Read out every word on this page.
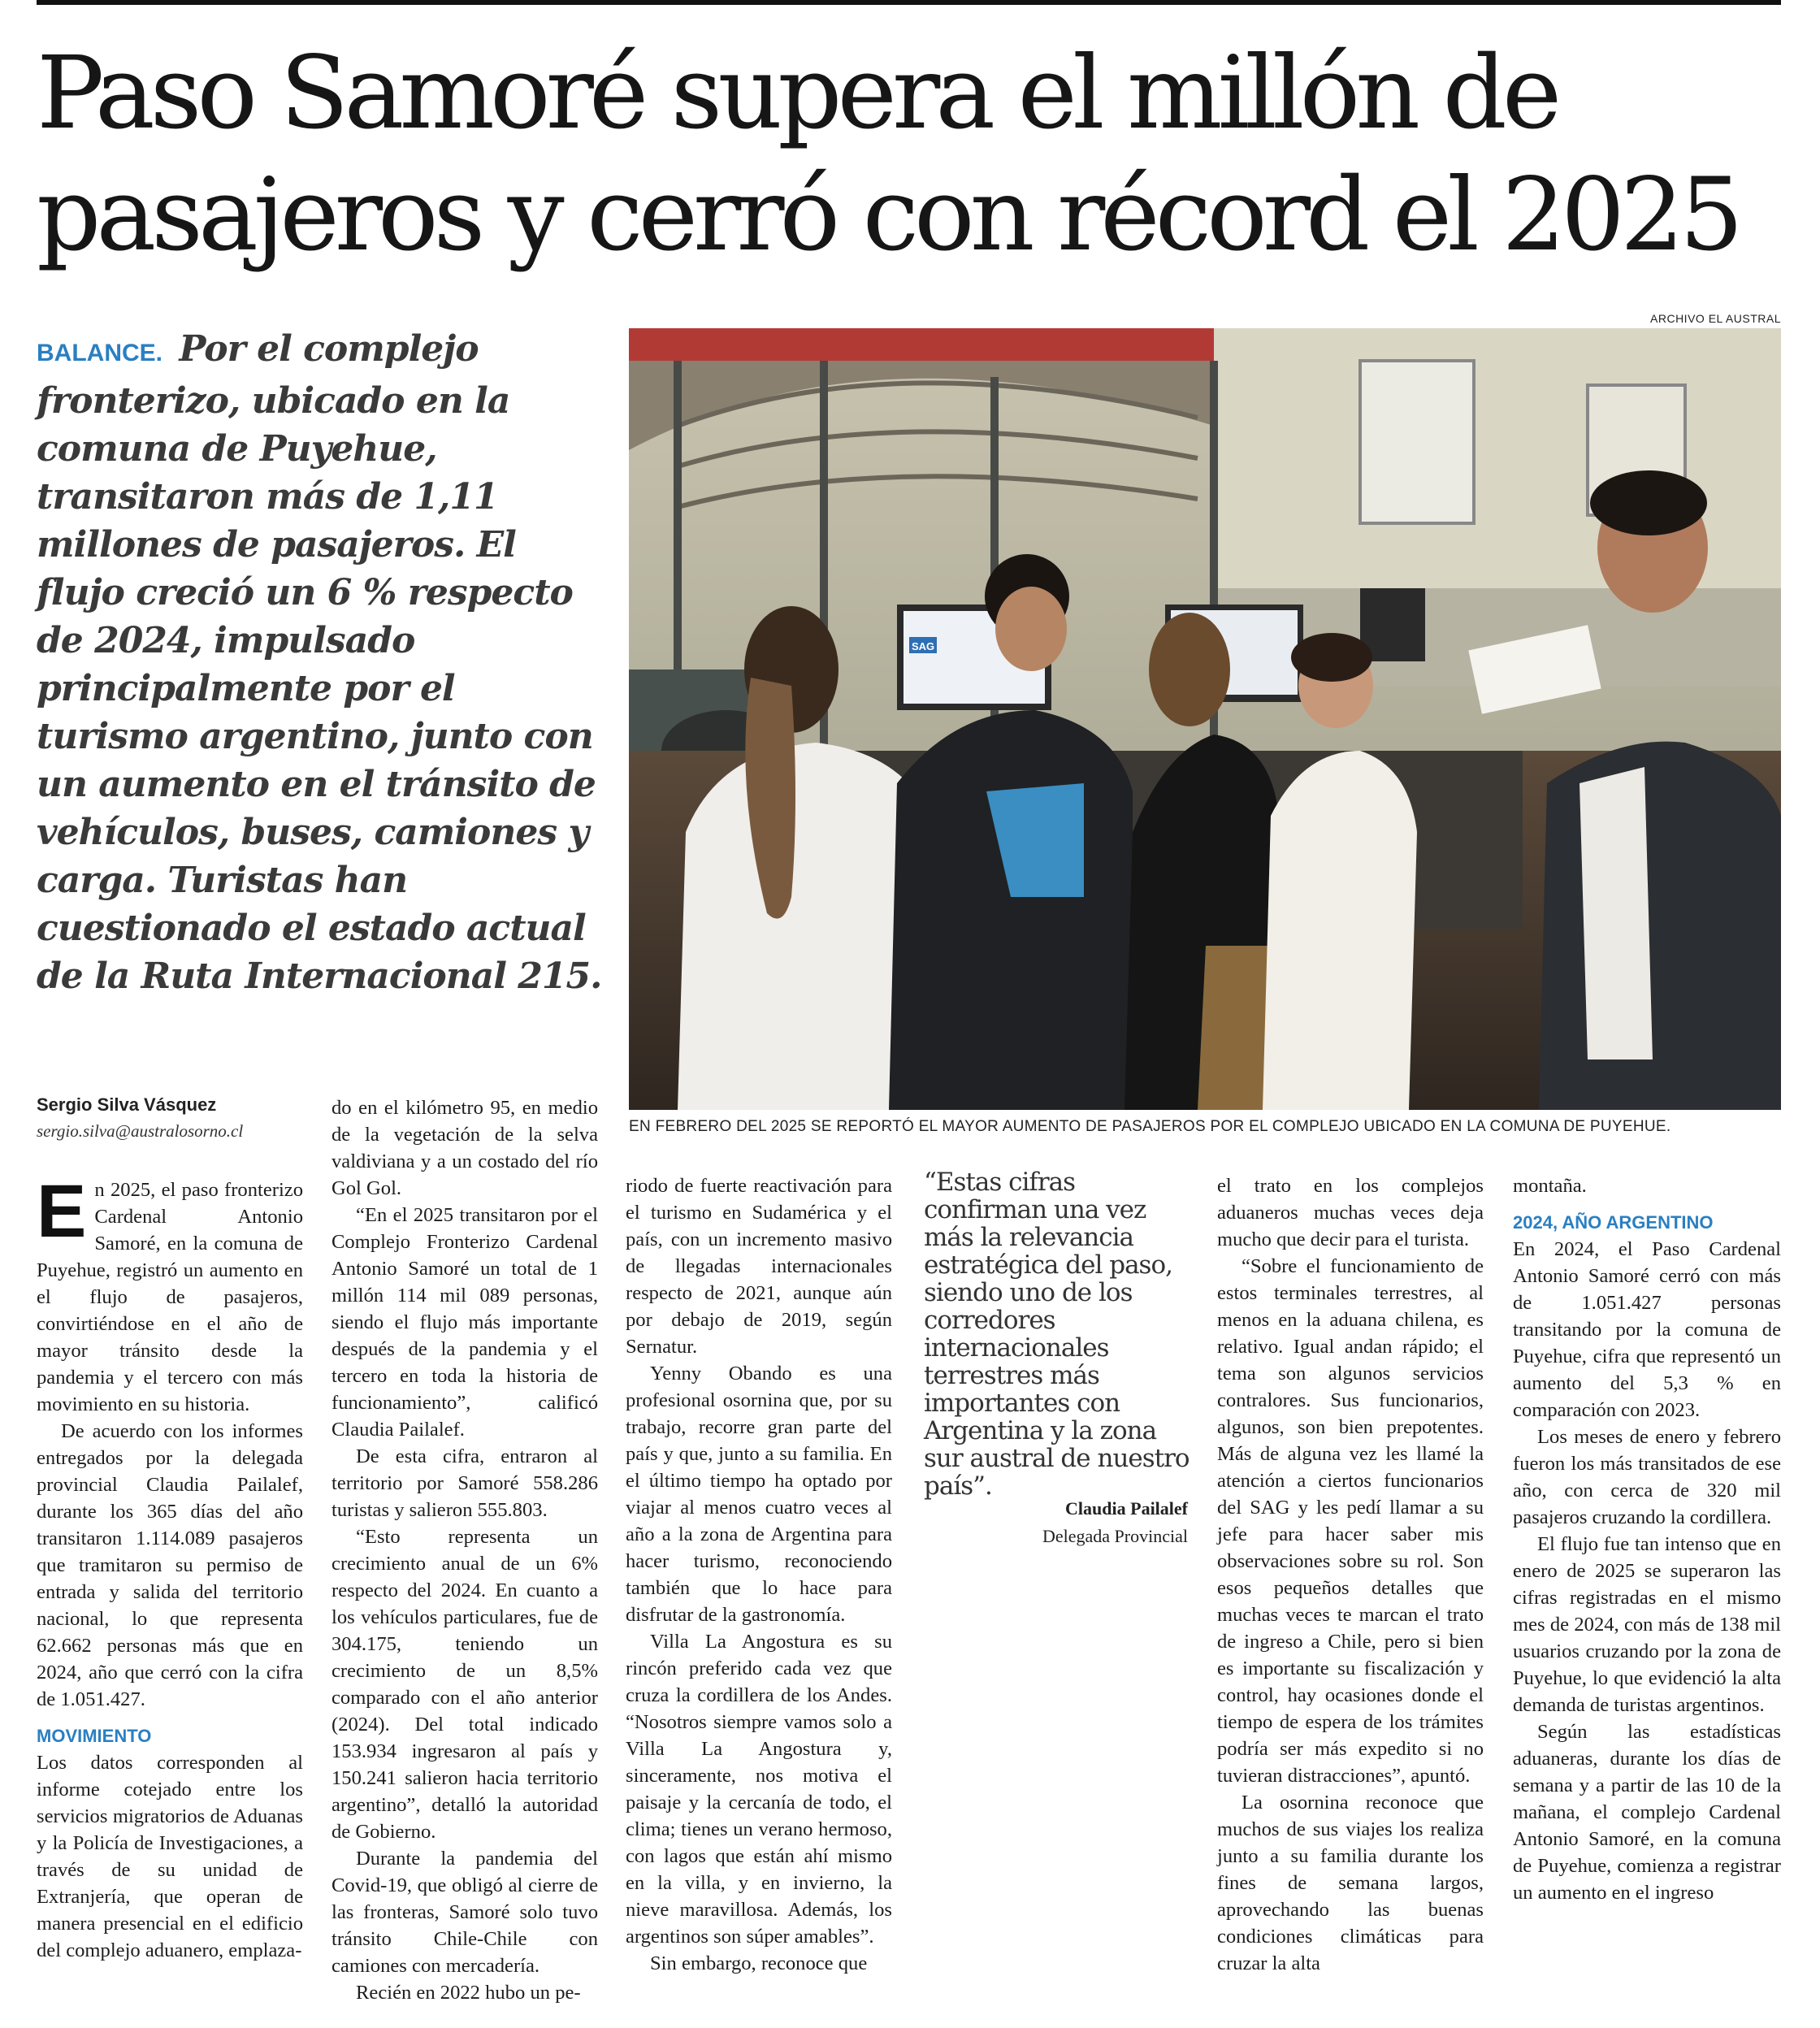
Paso Samoré supera el millón de pasajeros y cerró con récord el 2025
BALANCE. Por el complejo fronterizo, ubicado en la comuna de Puyehue, transitaron más de 1,11 millones de pasajeros. El flujo creció un 6 % respecto de 2024, impulsado principalmente por el turismo argentino, junto con un aumento en el tránsito de vehículos, buses, camiones y carga. Turistas han cuestionado el estado actual de la Ruta Internacional 215.
ARCHIVO EL AUSTRAL
SAG
EN FEBRERO DEL 2025 SE REPORTÓ EL MAYOR AUMENTO DE PASAJEROS POR EL COMPLEJO UBICADO EN LA COMUNA DE PUYEHUE.
Sergio Silva Vásquez
sergio.silva@australosorno.cl

En 2025, el paso fronterizo Cardenal Antonio Samoré, en la comuna de Puyehue, registró un aumento en el flujo de pasajeros, convirtiéndose en el año de mayor tránsito desde la pandemia y el tercero con más movimiento en su historia.

De acuerdo con los informes entregados por la delegada provincial Claudia Pailalef, durante los 365 días del año transitaron 1.114.089 pasajeros que tramitaron su permiso de entrada y salida del territorio nacional, lo que representa 62.662 personas más que en 2024, año que cerró con la cifra de 1.051.427.

MOVIMIENTO

Los datos corresponden al informe cotejado entre los servicios migratorios de Aduanas y la Policía de Investigaciones, a través de su unidad de Extranjería, que operan de manera presencial en el edificio del complejo aduanero, emplaza-

do en el kilómetro 95, en medio de la vegetación de la selva valdiviana y a un costado del río Gol Gol.

“En el 2025 transitaron por el Complejo Fronterizo Cardenal Antonio Samoré un total de 1 millón 114 mil 089 personas, siendo el flujo más importante después de la pandemia y el tercero en toda la historia de funcionamiento”, calificó Claudia Pailalef.

De esta cifra, entraron al territorio por Samoré 558.286 turistas y salieron 555.803.

“Esto representa un crecimiento anual de un 6% respecto del 2024. En cuanto a los vehículos particulares, fue de 304.175, teniendo un crecimiento de un 8,5% comparado con el año anterior (2024). Del total indicado 153.934 ingresaron al país y 150.241 salieron hacia territorio argentino”, detalló la autoridad de Gobierno.

Durante la pandemia del Covid-19, que obligó al cierre de las fronteras, Samoré solo tuvo tránsito Chile-Chile con camiones con mercadería.

Recién en 2022 hubo un pe-

riodo de fuerte reactivación para el turismo en Sudamérica y el país, con un incremento masivo de llegadas internacionales respecto de 2021, aunque aún por debajo de 2019, según Sernatur.

Yenny Obando es una profesional osornina que, por su trabajo, recorre gran parte del país y que, junto a su familia. En el último tiempo ha optado por viajar al menos cuatro veces al año a la zona de Argentina para hacer turismo, reconociendo también que lo hace para disfrutar de la gastronomía.

Villa La Angostura es su rincón preferido cada vez que cruza la cordillera de los Andes. “Nosotros siempre vamos solo a Villa La Angostura y, sinceramente, nos motiva el paisaje y la cercanía de todo, el clima; tienes un verano hermoso, con lagos que están ahí mismo en la villa, y en invierno, la nieve maravillosa. Además, los argentinos son súper amables”.

Sin embargo, reconoce que

“Estas cifras confirman una vez más la relevancia estratégica del paso, siendo uno de los corredores internacionales terrestres más importantes con Argentina y la zona sur austral de nuestro país”.
Claudia Pailalef
Delegada Provincial

el trato en los complejos aduaneros muchas veces deja mucho que decir para el turista.

“Sobre el funcionamiento de estos terminales terrestres, al menos en la aduana chilena, es relativo. Igual andan rápido; el tema son algunos servicios contralores. Sus funcionarios, algunos, son bien prepotentes. Más de alguna vez les llamé la atención a ciertos funcionarios del SAG y les pedí llamar a su jefe para hacer saber mis observaciones sobre su rol. Son esos pequeños detalles que muchas veces te marcan el trato de ingreso a Chile, pero si bien es importante su fiscalización y control, hay ocasiones donde el tiempo de espera de los trámites podría ser más expedito si no tuvieran distracciones”, apuntó.

La osornina reconoce que muchos de sus viajes los realiza junto a su familia durante los fines de semana largos, aprovechando las buenas condiciones climáticas para cruzar la alta

montaña.

2024, AÑO ARGENTINO

En 2024, el Paso Cardenal Antonio Samoré cerró con más de 1.051.427 personas transitando por la comuna de Puyehue, cifra que representó un aumento del 5,3 % en comparación con 2023.

Los meses de enero y febrero fueron los más transitados de ese año, con cerca de 320 mil pasajeros cruzando la cordillera.

El flujo fue tan intenso que en enero de 2025 se superaron las cifras registradas en el mismo mes de 2024, con más de 138 mil usuarios cruzando por la zona de Puyehue, lo que evidenció la alta demanda de turistas argentinos.

Según las estadísticas aduaneras, durante los días de semana y a partir de las 10 de la mañana, el complejo Cardenal Antonio Samoré, en la comuna de Puyehue, comienza a registrar un aumento en el ingreso
